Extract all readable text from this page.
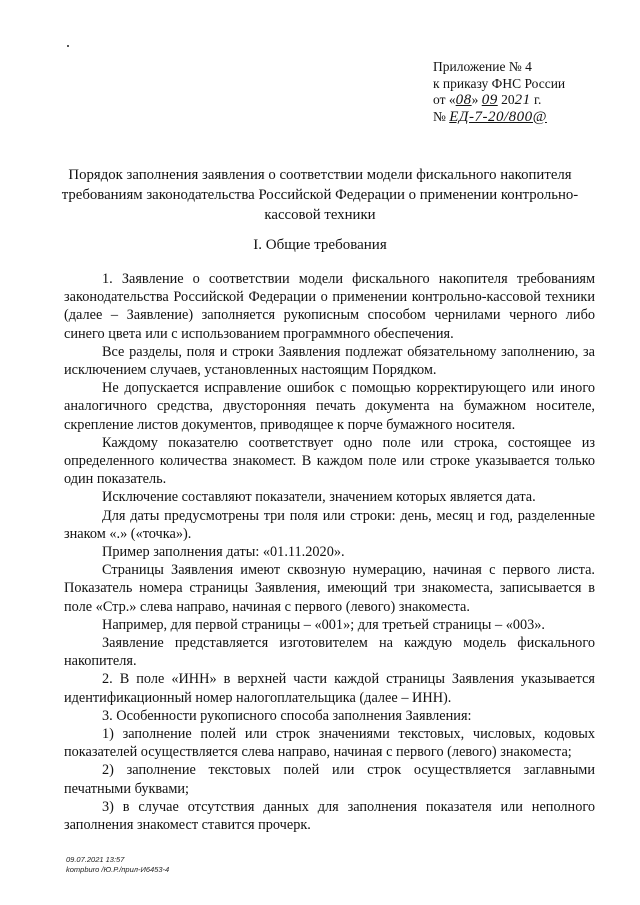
Приложение № 4
к приказу ФНС России
от «08» 09 2021 г.
№ ЕД-7-20/800@
Порядок заполнения заявления о соответствии модели фискального накопителя требованиям законодательства Российской Федерации о применении контрольно-кассовой техники
I. Общие требования

1. Заявление о соответствии модели фискального накопителя требованиям законодательства Российской Федерации о применении контрольно-кассовой техники (далее – Заявление) заполняется рукописным способом чернилами черного либо синего цвета или с использованием программного обеспечения.

Все разделы, поля и строки Заявления подлежат обязательному заполнению, за исключением случаев, установленных настоящим Порядком.

Не допускается исправление ошибок с помощью корректирующего или иного аналогичного средства, двусторонняя печать документа на бумажном носителе, скрепление листов документов, приводящее к порче бумажного носителя.

Каждому показателю соответствует одно поле или строка, состоящее из определенного количества знакомест. В каждом поле или строке указывается только один показатель.

Исключение составляют показатели, значением которых является дата.

Для даты предусмотрены три поля или строки: день, месяц и год, разделенные знаком «.» («точка»).

Пример заполнения даты: «01.11.2020».

Страницы Заявления имеют сквозную нумерацию, начиная с первого листа. Показатель номера страницы Заявления, имеющий три знакоместа, записывается в поле «Стр.» слева направо, начиная с первого (левого) знакоместа.

Например, для первой страницы – «001»; для третьей страницы – «003».

Заявление представляется изготовителем на каждую модель фискального накопителя.

2. В поле «ИНН» в верхней части каждой страницы Заявления указывается идентификационный номер налогоплательщика (далее – ИНН).

3. Особенности рукописного способа заполнения Заявления:

1) заполнение полей или строк значениями текстовых, числовых, кодовых показателей осуществляется слева направо, начиная с первого (левого) знакоместа;

2) заполнение текстовых полей или строк осуществляется заглавными печатными буквами;

3) в случае отсутствия данных для заполнения показателя или неполного заполнения знакомест ставится прочерк.

09.07.2021 13:57
kompburo /Ю.Р./прил-И6453-4
